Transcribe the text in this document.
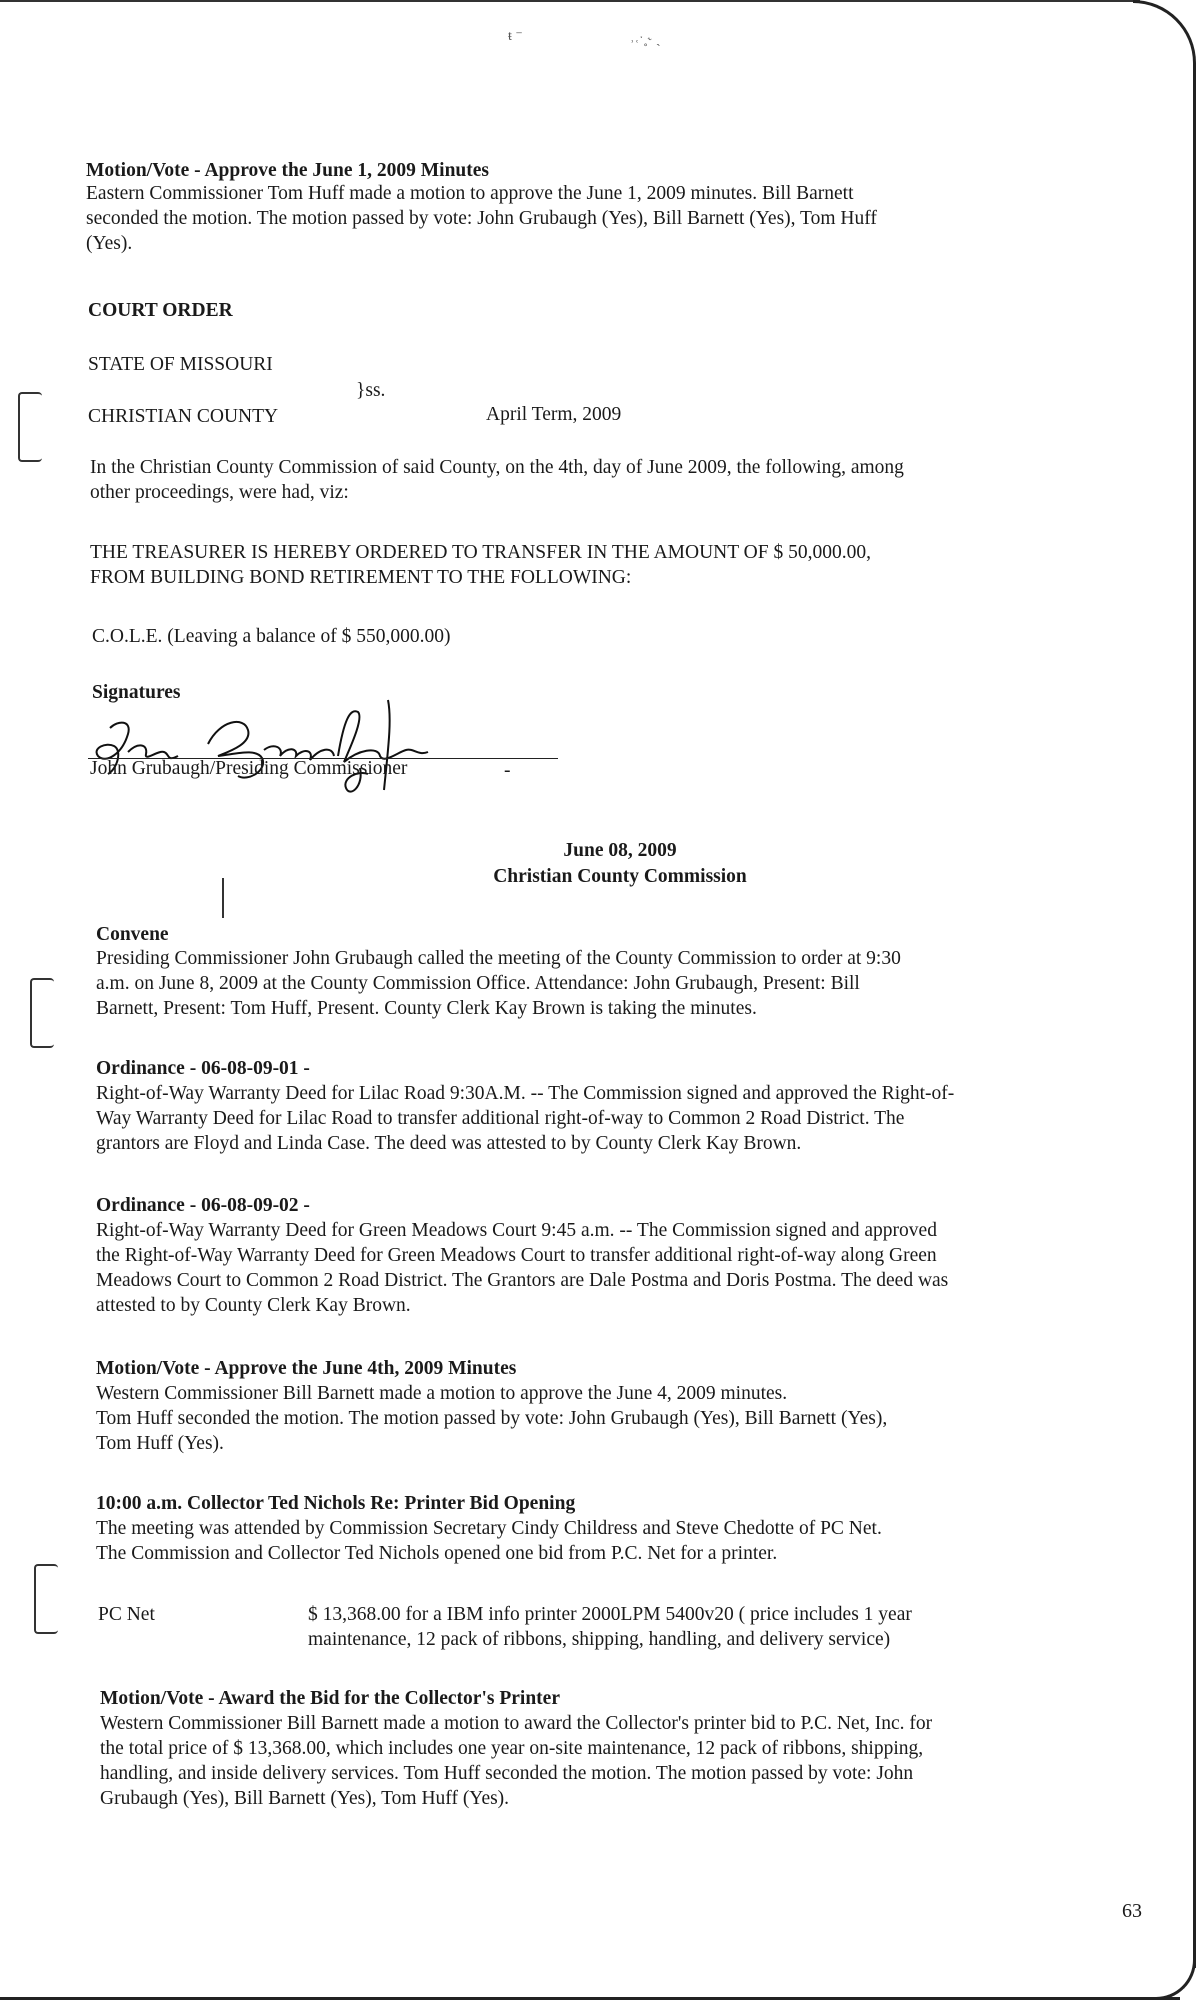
ŧ ⁻	˒˓ˑ˳˞ ˎ
Motion/Vote - Approve the June 1, 2009 Minutes
Eastern Commissioner Tom Huff made a motion to approve the June 1, 2009 minutes. Bill Barnett
seconded the motion. The motion passed by vote: John Grubaugh (Yes), Bill Barnett (Yes), Tom Huff
(Yes).
COURT ORDER
STATE OF MISSOURI
}ss.
CHRISTIAN COUNTY	April Term, 2009
In the Christian County Commission of said County, on the 4th, day of June 2009, the following, among
other proceedings, were had, viz:
THE TREASURER IS HEREBY ORDERED TO TRANSFER IN THE AMOUNT OF $ 50,000.00,
FROM BUILDING BOND RETIREMENT TO THE FOLLOWING:
C.O.L.E. (Leaving a balance of $ 550,000.00)
Signatures
John Grubaugh/Presiding Commissioner	-
June 08, 2009
Christian County Commission
Convene
Presiding Commissioner John Grubaugh called the meeting of the County Commission to order at 9:30
a.m. on June 8, 2009 at the County Commission Office. Attendance: John Grubaugh, Present: Bill
Barnett, Present: Tom Huff, Present. County Clerk Kay Brown is taking the minutes.
Ordinance - 06-08-09-01 -
Right-of-Way Warranty Deed for Lilac Road 9:30A.M. -- The Commission signed and approved the Right-of-
Way Warranty Deed for Lilac Road to transfer additional right-of-way to Common 2 Road District. The
grantors are Floyd and Linda Case. The deed was attested to by County Clerk Kay Brown.
Ordinance - 06-08-09-02 -
Right-of-Way Warranty Deed for Green Meadows Court 9:45 a.m. -- The Commission signed and approved
the Right-of-Way Warranty Deed for Green Meadows Court to transfer additional right-of-way along Green
Meadows Court to Common 2 Road District. The Grantors are Dale Postma and Doris Postma. The deed was
attested to by County Clerk Kay Brown.
Motion/Vote - Approve the June 4th, 2009 Minutes
Western Commissioner Bill Barnett made a motion to approve the June 4, 2009 minutes.
Tom Huff seconded the motion. The motion passed by vote: John Grubaugh (Yes), Bill Barnett (Yes),
Tom Huff (Yes).
10:00 a.m. Collector Ted Nichols Re: Printer Bid Opening
The meeting was attended by Commission Secretary Cindy Childress and Steve Chedotte of PC Net.
The Commission and Collector Ted Nichols opened one bid from P.C. Net for a printer.
PC Net	$ 13,368.00 for a IBM info printer 2000LPM 5400v20 ( price includes 1 year
maintenance, 12 pack of ribbons, shipping, handling, and delivery service)
Motion/Vote - Award the Bid for the Collector's Printer
Western Commissioner Bill Barnett made a motion to award the Collector's printer bid to P.C. Net, Inc. for
the total price of $ 13,368.00, which includes one year on-site maintenance, 12 pack of ribbons, shipping,
handling, and inside delivery services. Tom Huff seconded the motion. The motion passed by vote: John
Grubaugh (Yes), Bill Barnett (Yes), Tom Huff (Yes).
63
